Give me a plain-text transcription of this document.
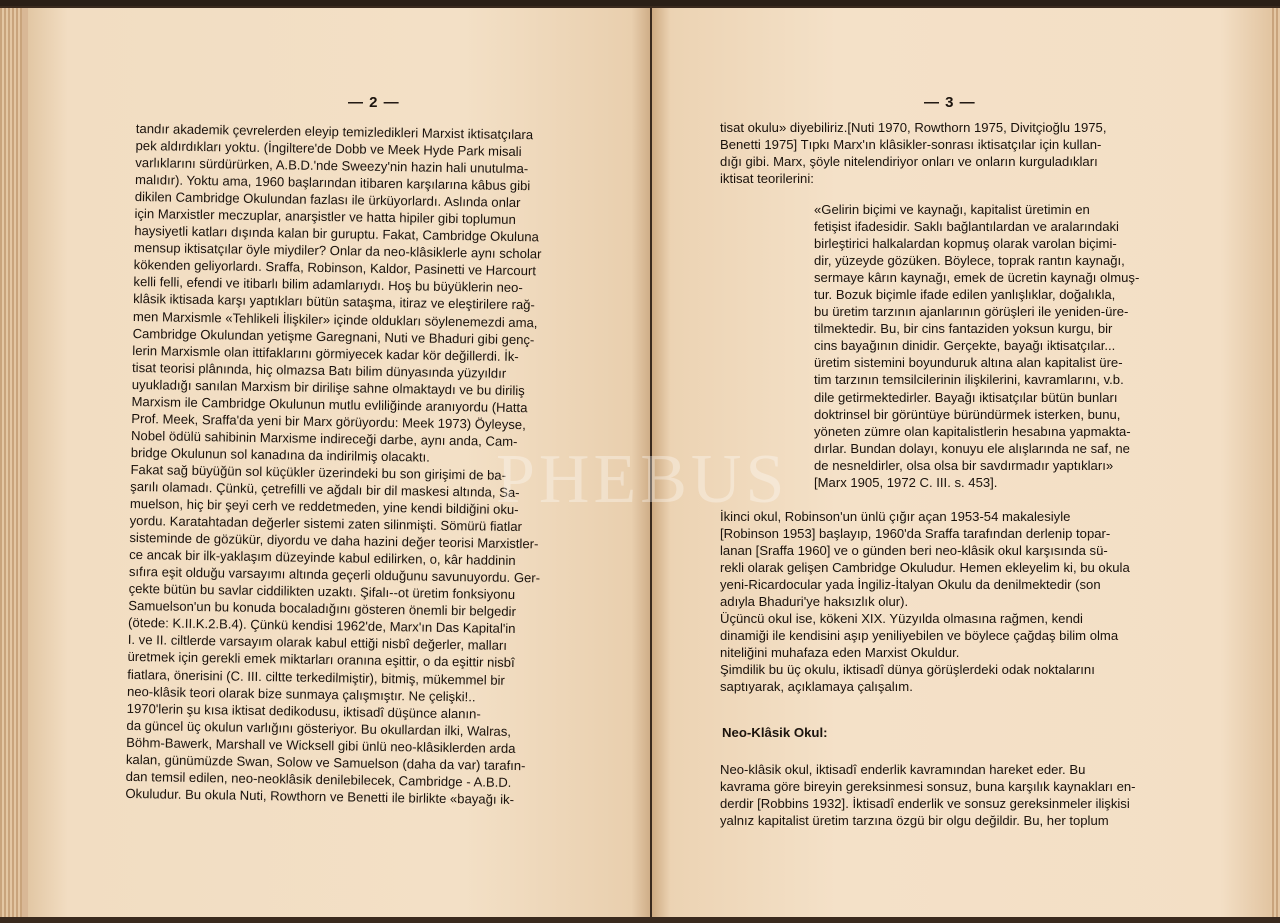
— 2 —
tandır akademik çevrelerden eleyip temizledikleri Marxist iktisatçılara
pek aldırdıkları yoktu. (İngiltere'de Dobb ve Meek Hyde Park misali
varlıklarını sürdürürken, A.B.D.'nde Sweezy'nin hazin hali unutulma-
malıdır). Yoktu ama, 1960 başlarından itibaren karşılarına kâbus gibi
dikilen Cambridge Okulundan fazlası ile ürküyorlardı. Aslında onlar
için Marxistler meczuplar, anarşistler ve hatta hipiler gibi toplumun
haysiyetli katları dışında kalan bir guruptu. Fakat, Cambridge Okuluna
mensup iktisatçılar öyle miydiler? Onlar da neo-klâsiklerle aynı scholar
kökenden geliyorlardı. Sraffa, Robinson, Kaldor, Pasinetti ve Harcourt
kelli felli, efendi ve itibarlı bilim adamlarıydı. Hoş bu büyüklerin neo-
klâsik iktisada karşı yaptıkları bütün sataşma, itiraz ve eleştirilere rağ-
men Marxismle «Tehlikeli İlişkiler» içinde oldukları söylenemezdi ama,
Cambridge Okulundan yetişme Garegnani, Nuti ve Bhaduri gibi genç-
lerin Marxismle olan ittifaklarını görmiyecek kadar kör değillerdi. İk-
tisat teorisi plânında, hiç olmazsa Batı bilim dünyasında yüzyıldır
uyukladığı sanılan Marxism bir dirilişe sahne olmaktaydı ve bu diriliş
Marxism ile Cambridge Okulunun mutlu evliliğinde aranıyordu (Hatta
Prof. Meek, Sraffa'da yeni bir Marx görüyordu: Meek 1973) Öyleyse,
Nobel ödülü sahibinin Marxisme indireceği darbe, aynı anda, Cam-
bridge Okulunun sol kanadına da indirilmiş olacaktı.
Fakat sağ büyüğün sol küçükler üzerindeki bu son girişimi de ba-
şarılı olamadı. Çünkü, çetrefilli ve ağdalı bir dil maskesi altında, Sa-
muelson, hiç bir şeyi cerh ve reddetmeden, yine kendi bildiğini oku-
yordu. Karatahtadan değerler sistemi zaten silinmişti. Sömürü fiatlar
sisteminde de gözükür, diyordu ve daha hazini değer teorisi Marxistler-
ce ancak bir ilk-yaklaşım düzeyinde kabul edilirken, o, kâr haddinin
sıfıra eşit olduğu varsayımı altında geçerli olduğunu savunuyordu. Ger-
çekte bütün bu savlar ciddilikten uzaktı. Şifalı--ot üretim fonksiyonu
Samuelson'un bu konuda bocaladığını gösteren önemli bir belgedir
(ötede: K.II.K.2.B.4). Çünkü kendisi 1962'de, Marx'ın Das Kapital'in
I. ve II. ciltlerde varsayım olarak kabul ettiği nisbî değerler, malları
üretmek için gerekli emek miktarları oranına eşittir, o da eşittir nisbî
fiatlara, önerisini (C. III. ciltte terkedilmiştir), bitmiş, mükemmel bir
neo-klâsik teori olarak bize sunmaya çalışmıştır. Ne çelişki!..
1970'lerin şu kısa iktisat dedikodusu, iktisadî düşünce alanın-
da güncel üç okulun varlığını gösteriyor. Bu okullardan ilki, Walras,
Böhm-Bawerk, Marshall ve Wicksell gibi ünlü neo-klâsiklerden arda
kalan, günümüzde Swan, Solow ve Samuelson (daha da var) tarafın-
dan temsil edilen, neo-neoklâsik denilebilecek, Cambridge - A.B.D.
Okuludur. Bu okula Nuti, Rowthorn ve Benetti ile birlikte «bayağı ik-
— 3 —
tisat okulu» diyebiliriz.[Nuti 1970, Rowthorn 1975, Divitçioğlu 1975,
Benetti 1975] Tıpkı Marx'ın klâsikler-sonrası iktisatçılar için kullan-
dığı gibi. Marx, şöyle nitelendiriyor onları ve onların kurguladıkları
iktisat teorilerini:
«Gelirin biçimi ve kaynağı, kapitalist üretimin en
fetişist ifadesidir. Saklı bağlantılardan ve aralarındaki
birleştirici halkalardan kopmuş olarak varolan biçimi-
dir, yüzeyde gözüken. Böylece, toprak rantın kaynağı,
sermaye kârın kaynağı, emek de ücretin kaynağı olmuş-
tur. Bozuk biçimle ifade edilen yanlışlıklar, doğalıkla,
bu üretim tarzının ajanlarının görüşleri ile yeniden-üre-
tilmektedir. Bu, bir cins fantaziden yoksun kurgu, bir
cins bayağının dinidir. Gerçekte, bayağı iktisatçılar...
üretim sistemini boyunduruk altına alan kapitalist üre-
tim tarzının temsilcilerinin ilişkilerini, kavramlarını, v.b.
dile getirmektedirler. Bayağı iktisatçılar bütün bunları
doktrinsel bir görüntüye büründürmek isterken, bunu,
yöneten zümre olan kapitalistlerin hesabına yapmakta-
dırlar. Bundan dolayı, konuyu ele alışlarında ne saf, ne
de nesneldirler, olsa olsa bir savdırmadır yaptıkları»
[Marx 1905, 1972 C. III. s. 453].
İkinci okul, Robinson'un ünlü çığır açan 1953-54 makalesiyle
[Robinson 1953] başlayıp, 1960'da Sraffa tarafından derlenip topar-
lanan [Sraffa 1960] ve o günden beri neo-klâsik okul karşısında sü-
rekli olarak gelişen Cambridge Okuludur. Hemen ekleyelim ki, bu okula
yeni-Ricardocular yada İngiliz-İtalyan Okulu da denilmektedir (son
adıyla Bhaduri'ye haksızlık olur).
Üçüncü okul ise, kökeni XIX. Yüzyılda olmasına rağmen, kendi
dinamiği ile kendisini aşıp yeniliyebilen ve böylece çağdaş bilim olma
niteliğini muhafaza eden Marxist Okuldur.
Şimdilik bu üç okulu, iktisadî dünya görüşlerdeki odak noktalarını
saptıyarak, açıklamaya çalışalım.
Neo-Klâsik Okul:
Neo-klâsik okul, iktisadî enderlik kavramından hareket eder. Bu
kavrama göre bireyin gereksinmesi sonsuz, buna karşılık kaynakları en-
derdir [Robbins 1932]. İktisadî enderlik ve sonsuz gereksinmeler ilişkisi
yalnız kapitalist üretim tarzına özgü bir olgu değildir. Bu, her toplum
PHEBUS
